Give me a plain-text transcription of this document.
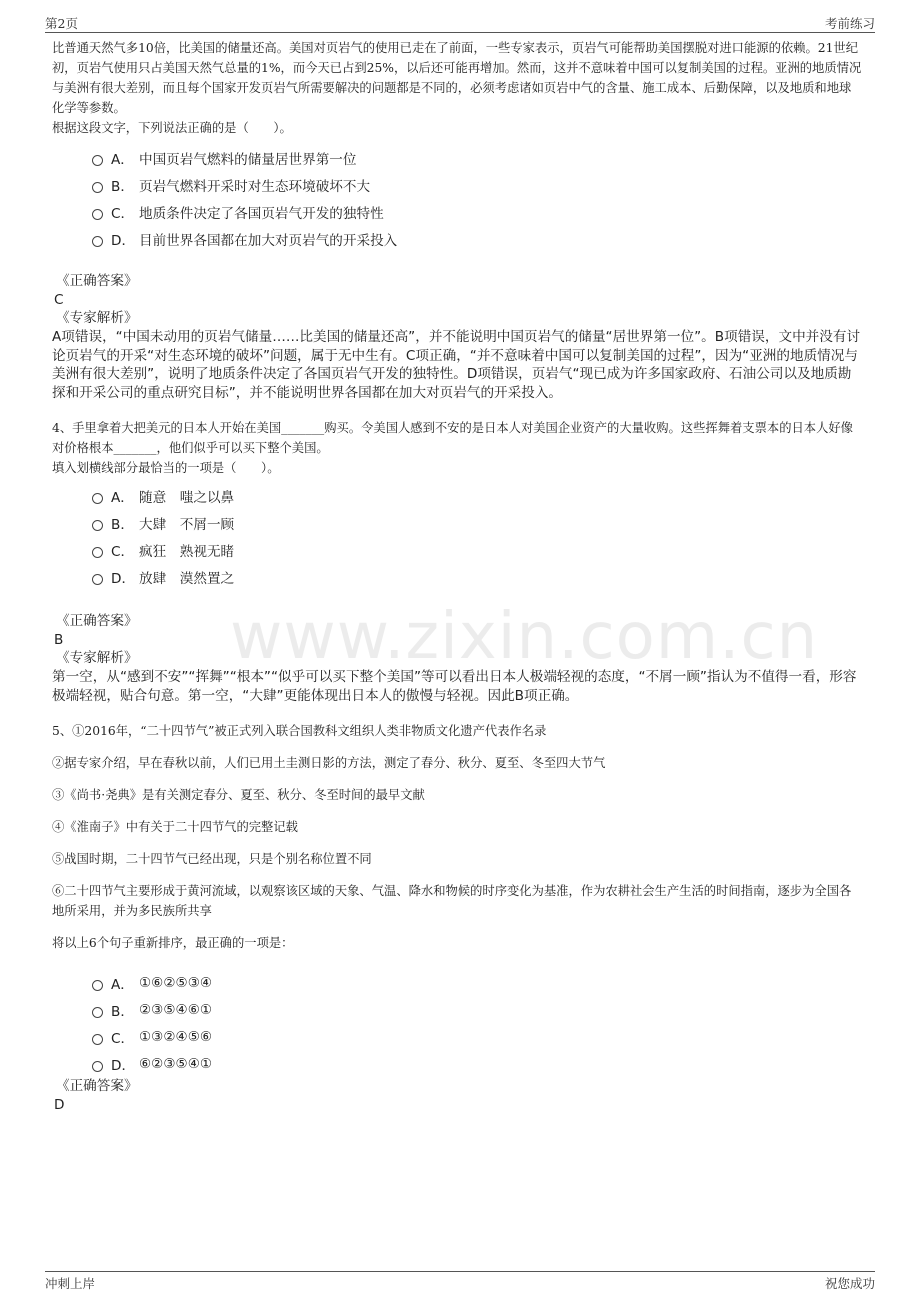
第2页	考前练习
www.zixin.com.cn

比普通天然气多10倍，比美国的储量还高。美国对页岩气的使用已走在了前面，一些专家表示，页岩气可能帮助美国摆脱对进口能源的依赖。21世纪初，页岩气使用只占美国天然气总量的1%，而今天已占到25%，以后还可能再增加。然而，这并不意味着中国可以复制美国的过程。亚洲的地质情况与美洲有很大差别，而且每个国家开发页岩气所需要解决的问题都是不同的，必须考虑诸如页岩中气的含量、施工成本、后勤保障，以及地质和地球化学等参数。

根据这段文字，下列说法正确的是（　　）。

A． 中国页岩气燃料的储量居世界第一位
B． 页岩气燃料开采时对生态环境破坏不大
C． 地质条件决定了各国页岩气开发的独特性
D． 目前世界各国都在加大对页岩气的开采投入

《正确答案》

C

《专家解析》

A项错误，“中国未动用的页岩气储量……比美国的储量还高”，并不能说明中国页岩气的储量“居世界第一位”。B项错误，文中并没有讨论页岩气的开采“对生态环境的破坏”问题，属于无中生有。C项正确，“并不意味着中国可以复制美国的过程”，因为“亚洲的地质情况与美洲有很大差别”，说明了地质条件决定了各国页岩气开发的独特性。D项错误，页岩气“现已成为许多国家政府、石油公司以及地质勘探和开采公司的重点研究目标”，并不能说明世界各国都在加大对页岩气的开采投入。

4、手里拿着大把美元的日本人开始在美国_______购买。令美国人感到不安的是日本人对美国企业资产的大量收购。这些挥舞着支票本的日本人好像对价格根本_______，他们似乎可以买下整个美国。

填入划横线部分最恰当的一项是（　　）。

A． 随意　嗤之以鼻
B． 大肆　不屑一顾
C． 疯狂　熟视无睹
D． 放肆　漠然置之

《正确答案》

B

《专家解析》

第一空，从“感到不安”“挥舞”“根本”“似乎可以买下整个美国”等可以看出日本人极端轻视的态度，“不屑一顾”指认为不值得一看，形容极端轻视，贴合句意。第一空，“大肆”更能体现出日本人的傲慢与轻视。因此B项正确。

5、①2016年，“二十四节气”被正式列入联合国教科文组织人类非物质文化遗产代表作名录

②据专家介绍，早在春秋以前，人们已用土圭测日影的方法，测定了春分、秋分、夏至、冬至四大节气

③《尚书·尧典》是有关测定春分、夏至、秋分、冬至时间的最早文献

④《淮南子》中有关于二十四节气的完整记载

⑤战国时期，二十四节气已经出现，只是个别名称位置不同

⑥二十四节气主要形成于黄河流域，以观察该区域的天象、气温、降水和物候的时序变化为基准，作为农耕社会生产生活的时间指南，逐步为全国各地所采用，并为多民族所共享

将以上6个句子重新排序，最正确的一项是：

A． ①⑥②⑤③④
B． ②③⑤④⑥①
C． ①③②④⑤⑥
D． ⑥②③⑤④①

《正确答案》

D

冲刺上岸	祝您成功
